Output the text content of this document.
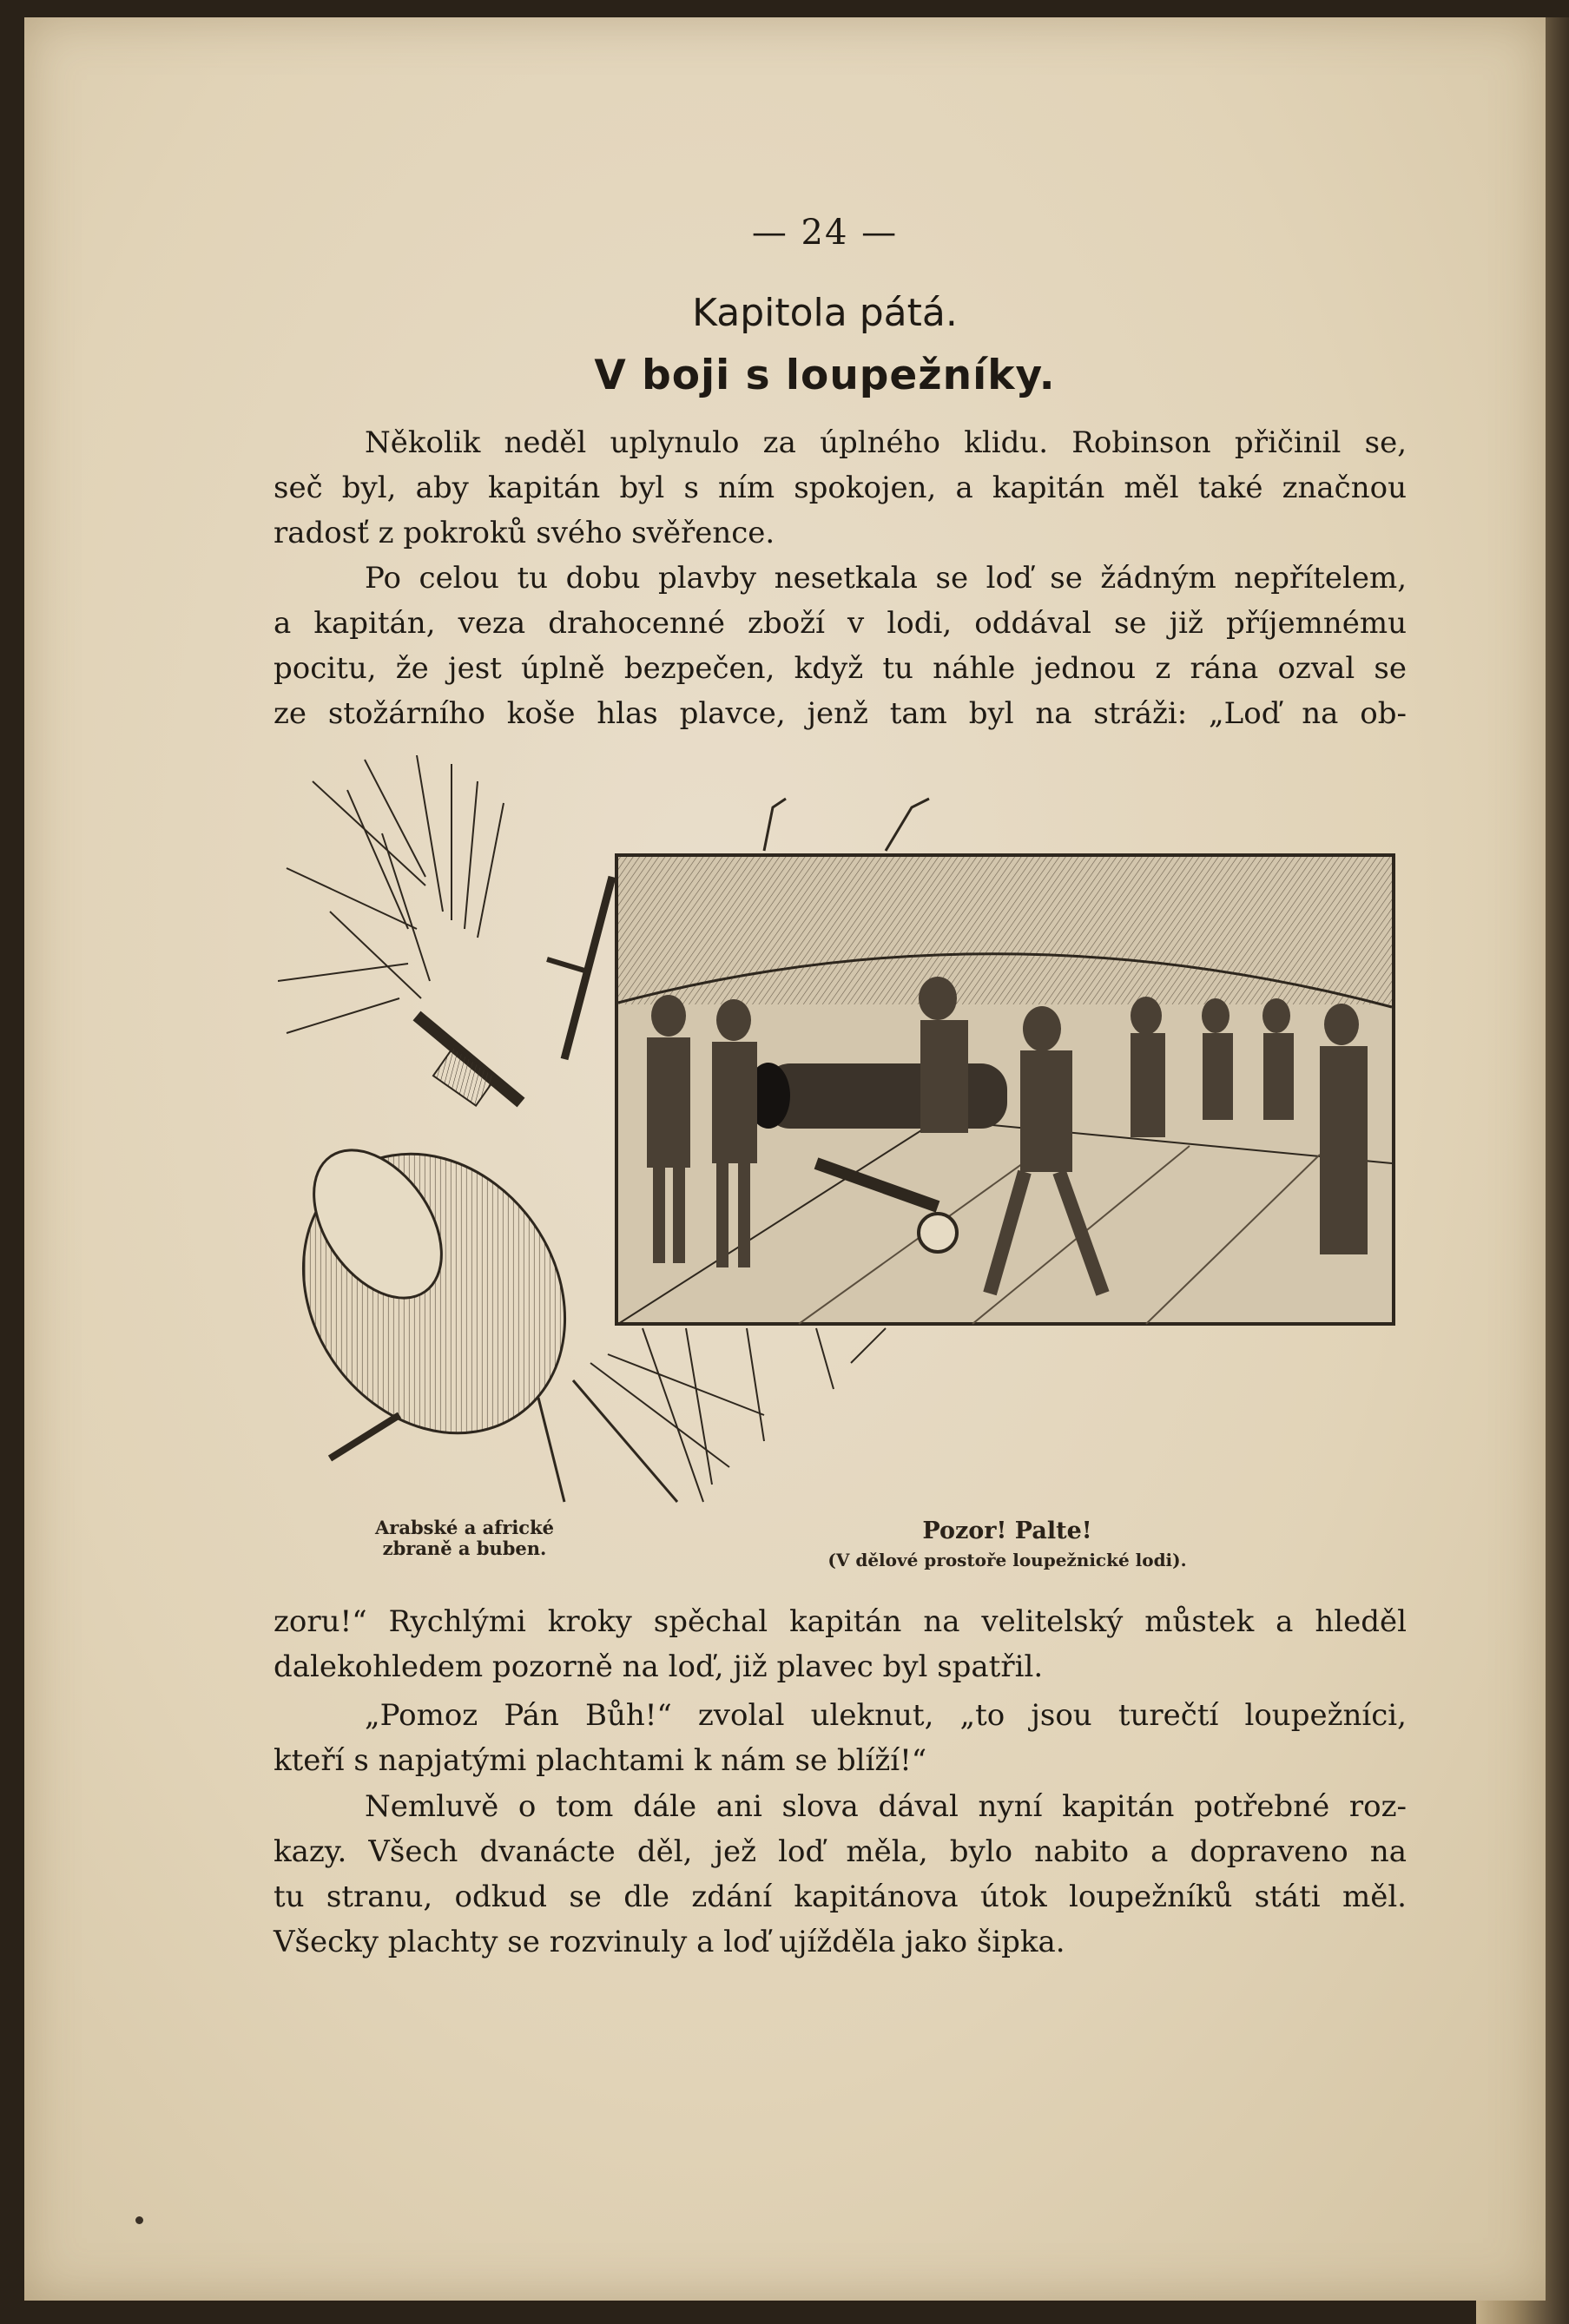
— 24 —
Kapitola pátá.
V boji s loupežníky.

Několik neděl uplynulo za úplného klidu. Robinson přičinil se,
seč byl, aby kapitán byl s ním spokojen, a kapitán měl také značnou
radosť z pokroků svého svěřence.

Po celou tu dobu plavby nesetkala se loď se žádným nepřítelem,
a kapitán, veza drahocenné zboží v lodi, oddával se již příjemnému
pocitu, že jest úplně bezpečen, když tu náhle jednou z rána ozval se
ze stožárního koše hlas plavce, jenž tam byl na stráži: „Loď na ob-

Arabské a africké
zbraně a buben.
Pozor! Palte!
(V dělové prostoře loupežnické lodi).

zoru!“ Rychlými kroky spěchal kapitán na velitelský můstek a hleděl
dalekohledem pozorně na loď, již plavec byl spatřil.

„Pomoz Pán Bůh!“ zvolal uleknut, „to jsou turečtí loupežníci,
kteří s napjatými plachtami k nám se blíží!“

Nemluvě o tom dále ani slova dával nyní kapitán potřebné roz-
kazy. Všech dvanácte děl, jež loď měla, bylo nabito a dopraveno na
tu stranu, odkud se dle zdání kapitánova útok loupežníků státi měl.
Všecky plachty se rozvinuly a loď ujížděla jako šipka.
